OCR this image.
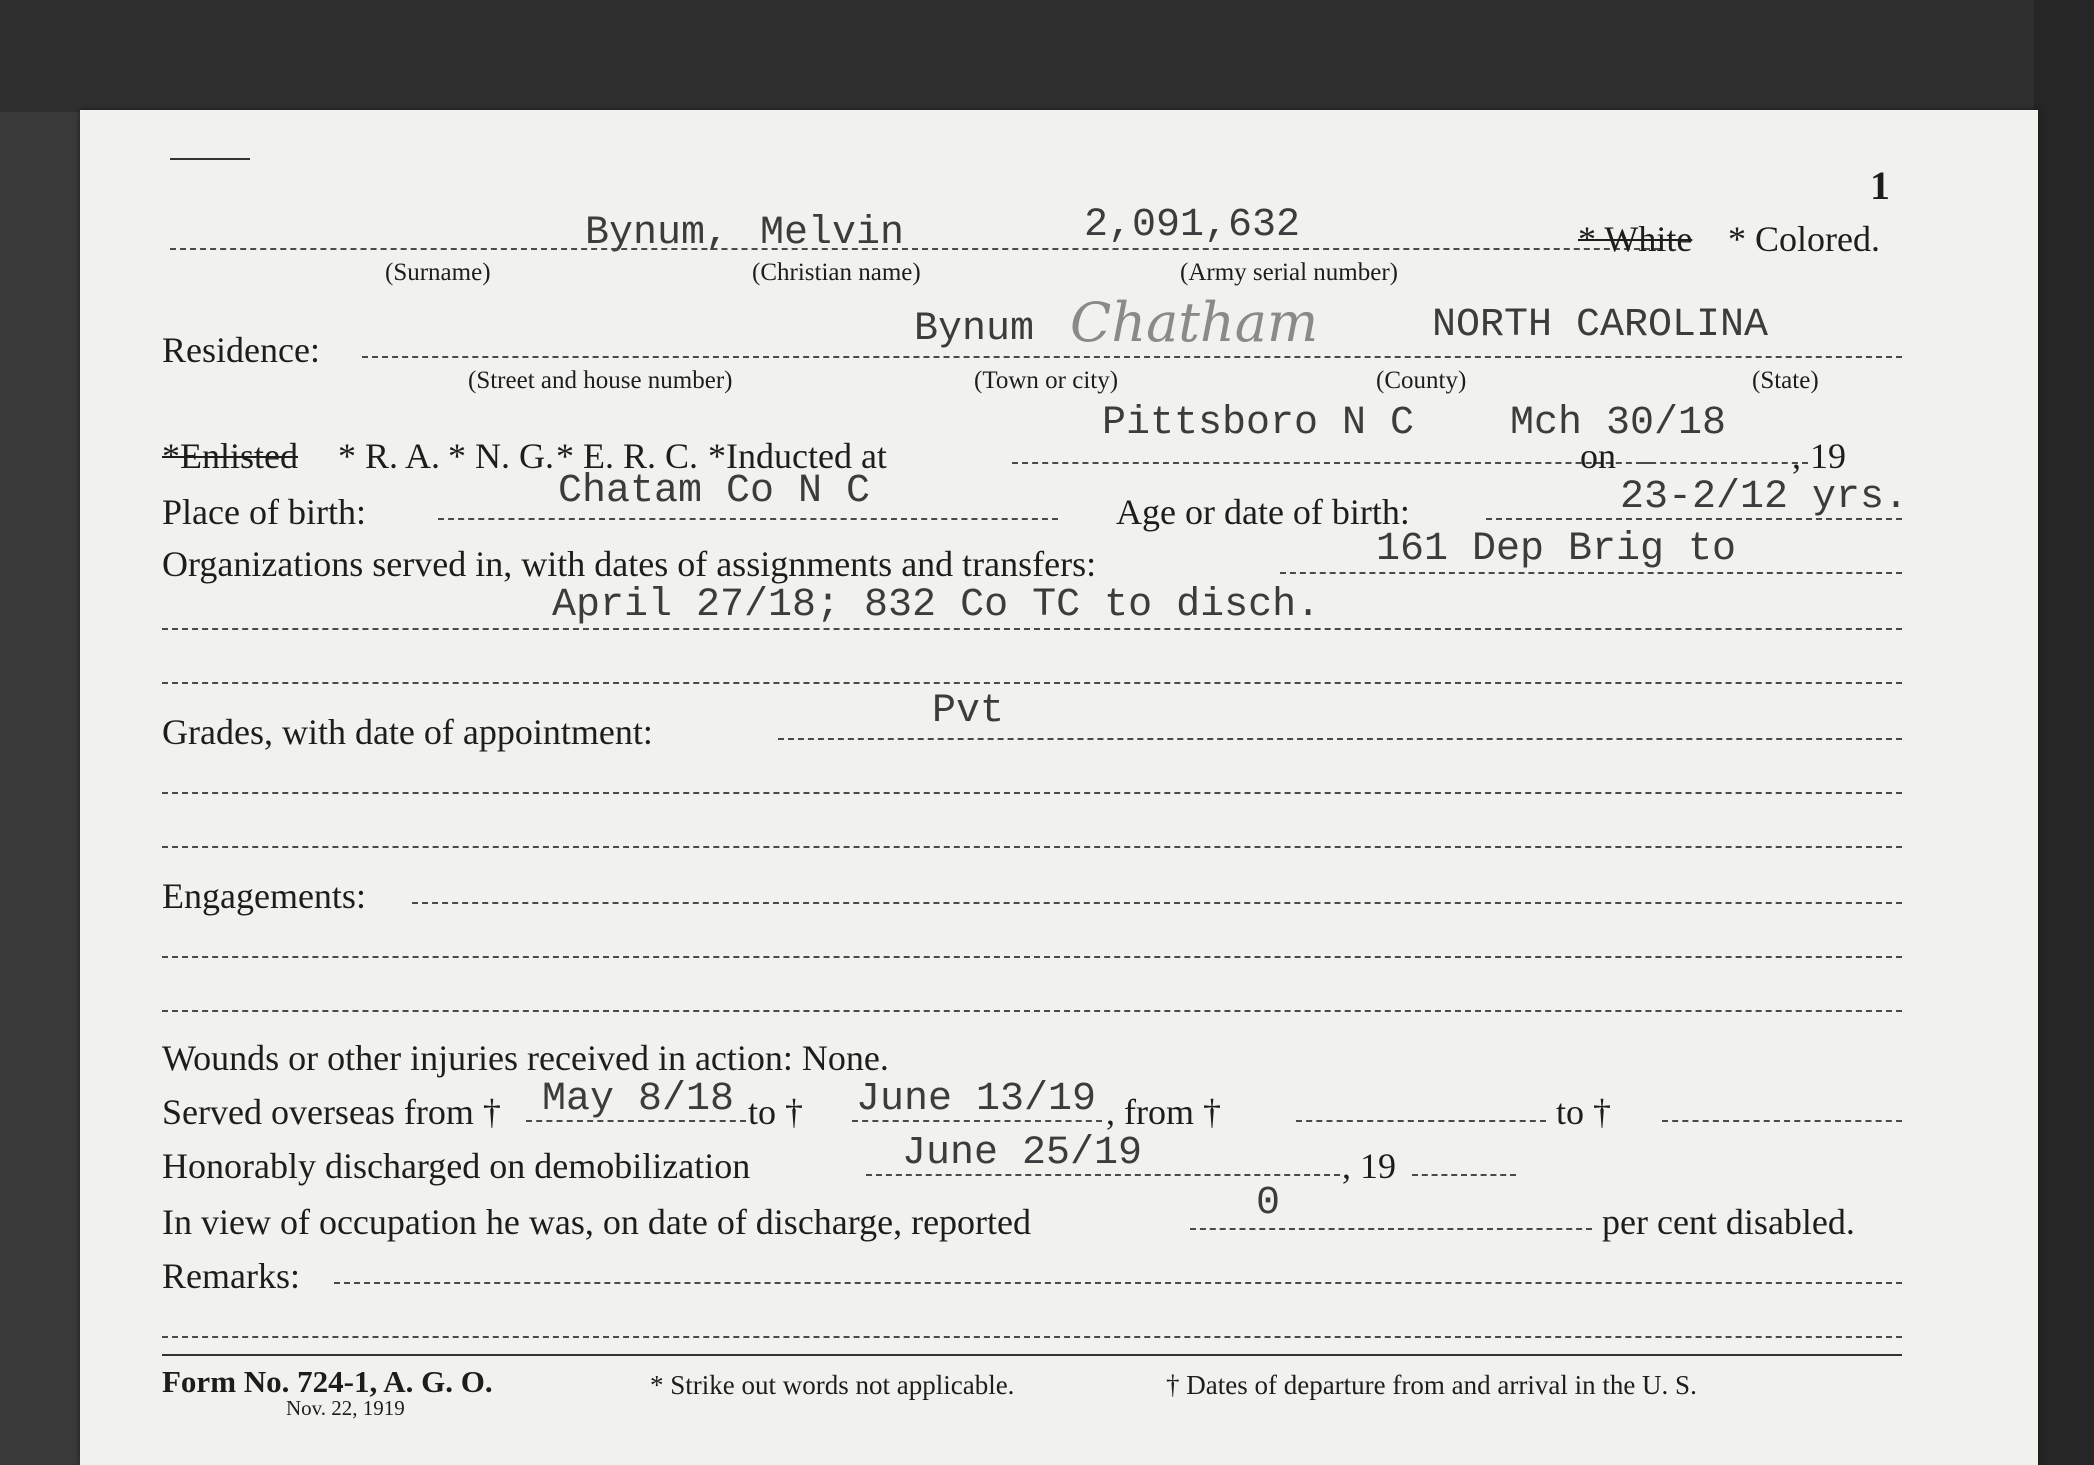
1
Bynum, Melvin	2,091,632	* White * Colored.
(Surname)	(Christian name)	(Army serial number)
Residence:	Bynum Chatham	NORTH CAROLINA
(Street and house number)	(Town or city)	(County)	(State)
*Enlisted * R. A. * N. G. * E. R. C. *Inducted at
Pittsboro N C Mch 30/18
on	, 19
Place of birth:	Chatam Co N C	Age or date of birth:	23-2/12 yrs.
Organizations served in, with dates of assignments and transfers:	161 Dep Brig to
April 27/18; 832 Co TC to disch.
Grades, with date of appointment:	Pvt
Engagements:
Wounds or other injuries received in action: None.
Served overseas from † May 8/18 to † June 13/19 , from †	to †
Honorably discharged on demobilization	June 25/19	, 19
In view of occupation he was, on date of discharge, reported	0	per cent disabled.
Remarks:
Form No. 724-1, A. G. O.
Nov. 22, 1919
* Strike out words not applicable.	† Dates of departure from and arrival in the U. S.
